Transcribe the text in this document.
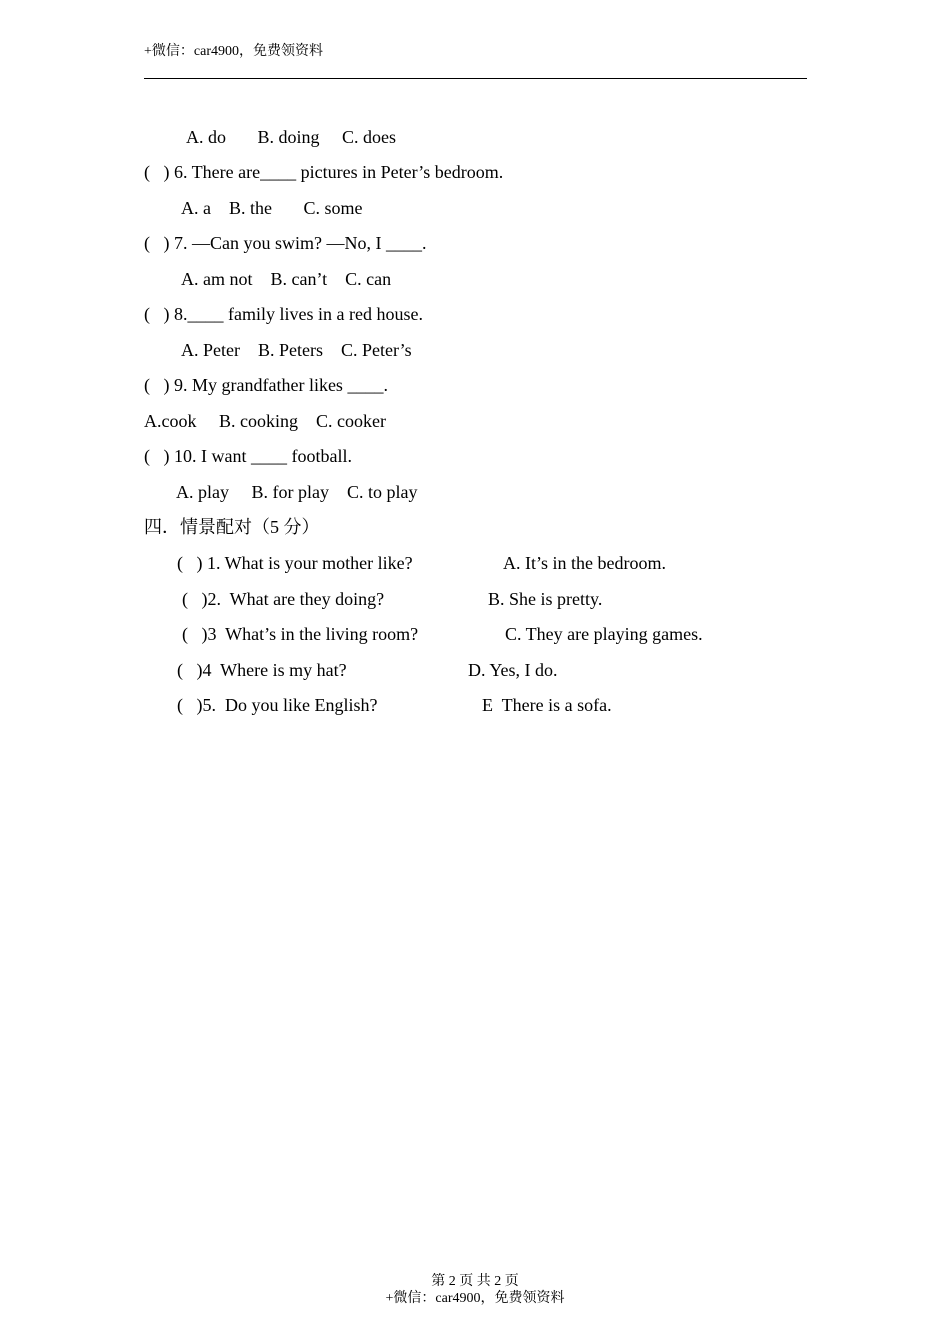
+微信：car4900，免费领资料
A. do       B. doing     C. does
(   ) 6. There are____ pictures in Peter’s bedroom.
A. a    B. the       C. some
(   ) 7. —Can you swim? —No, I ____.
A. am not    B. can’t    C. can
(   ) 8.____ family lives in a red house.
A. Peter    B. Peters    C. Peter’s
(   ) 9. My grandfather likes ____.
A.cook     B. cooking    C. cooker
(   ) 10. I want ____ football.
A. play     B. for play    C. to play
四．情景配对（5 分）
(   ) 1. What is your mother like?	A. It’s in the bedroom.
(   )2.  What are they doing?	B. She is pretty.
(   )3  What’s in the living room?	C. They are playing games.
(   )4  Where is my hat?	D. Yes, I do.
(   )5.  Do you like English?	E  There is a sofa.
第 2 页 共 2 页
+微信：car4900，免费领资料
